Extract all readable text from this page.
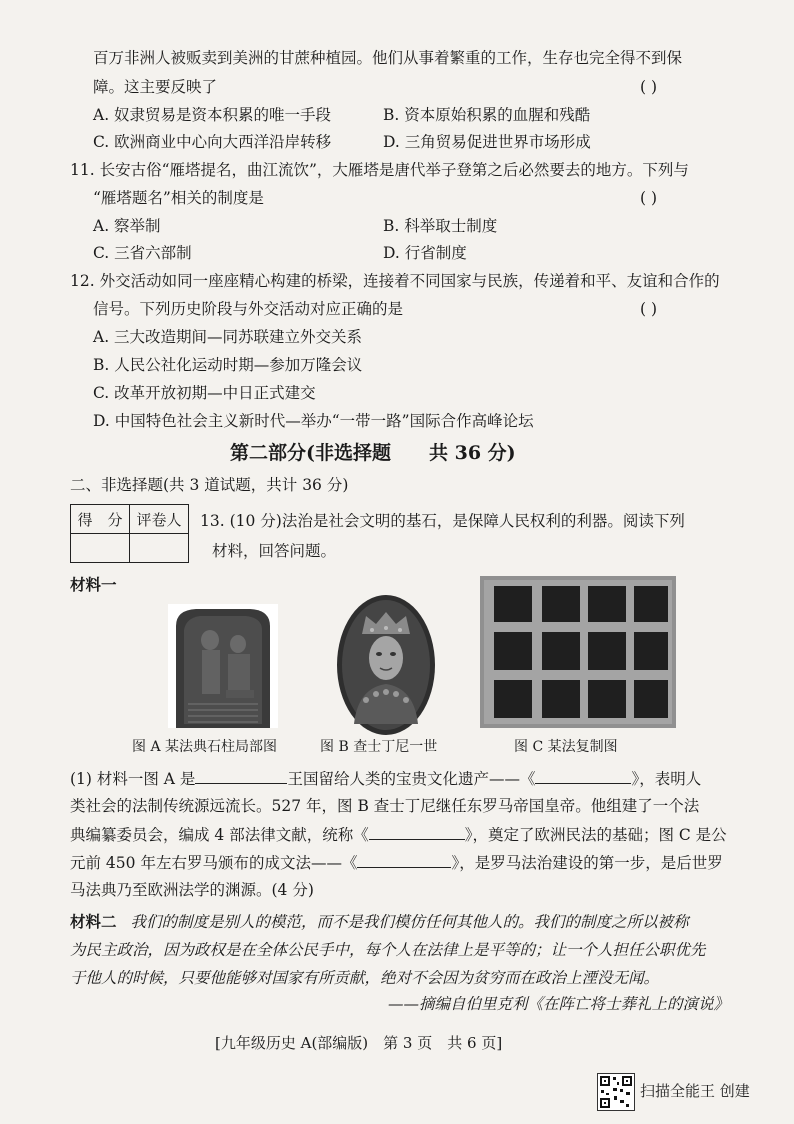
百万非洲人被贩卖到美洲的甘蔗种植园。他们从事着繁重的工作，生存也完全得不到保
障。这主要反映了	( )
A. 奴隶贸易是资本积累的唯一手段	B. 资本原始积累的血腥和残酷
C. 欧洲商业中心向大西洋沿岸转移	D. 三角贸易促进世界市场形成
11. 长安古俗“雁塔提名，曲江流饮”，大雁塔是唐代举子登第之后必然要去的地方。下列与
“雁塔题名”相关的制度是	( )
A. 察举制	B. 科举取士制度
C. 三省六部制	D. 行省制度
12. 外交活动如同一座座精心构建的桥梁，连接着不同国家与民族，传递着和平、友谊和合作的
信号。下列历史阶段与外交活动对应正确的是	( )
A. 三大改造期间—同苏联建立外交关系
B. 人民公社化运动时期—参加万隆会议
C. 改革开放初期—中日正式建交
D. 中国特色社会主义新时代—举办“一带一路”国际合作高峰论坛
第二部分(非选择题　　共 36 分)
二、非选择题(共 3 道试题，共计 36 分)
得　分	评卷人
	13. (10 分)法治是社会文明的基石，是保障人民权利的利器。阅读下列
材料，回答问题。
材料一
图 A 某法典石柱局部图	图 B 查士丁尼一世	图 C 某法复制图
(1) 材料一图 A 是	王国留给人类的宝贵文化遗产——《	》，表明人
类社会的法制传统源远流长。527 年，图 B 查士丁尼继任东罗马帝国皇帝。他组建了一个法
典编纂委员会，编成 4 部法律文献，统称《	》，奠定了欧洲民法的基础；图 C 是公
元前 450 年左右罗马颁布的成文法——《	》，是罗马法治建设的第一步，是后世罗
马法典乃至欧洲法学的渊源。(4 分)
材料二 我们的制度是别人的模范，而不是我们模仿任何其他人的。我们的制度之所以被称
为民主政治，因为政权是在全体公民手中，每个人在法律上是平等的；让一个人担任公职优先
于他人的时候，只要他能够对国家有所贡献，绝对不会因为贫穷而在政治上湮没无闻。
——摘编自伯里克利《在阵亡将士葬礼上的演说》
[九年级历史 A(部编版)　第 3 页　共 6 页]
扫描全能王 创建
